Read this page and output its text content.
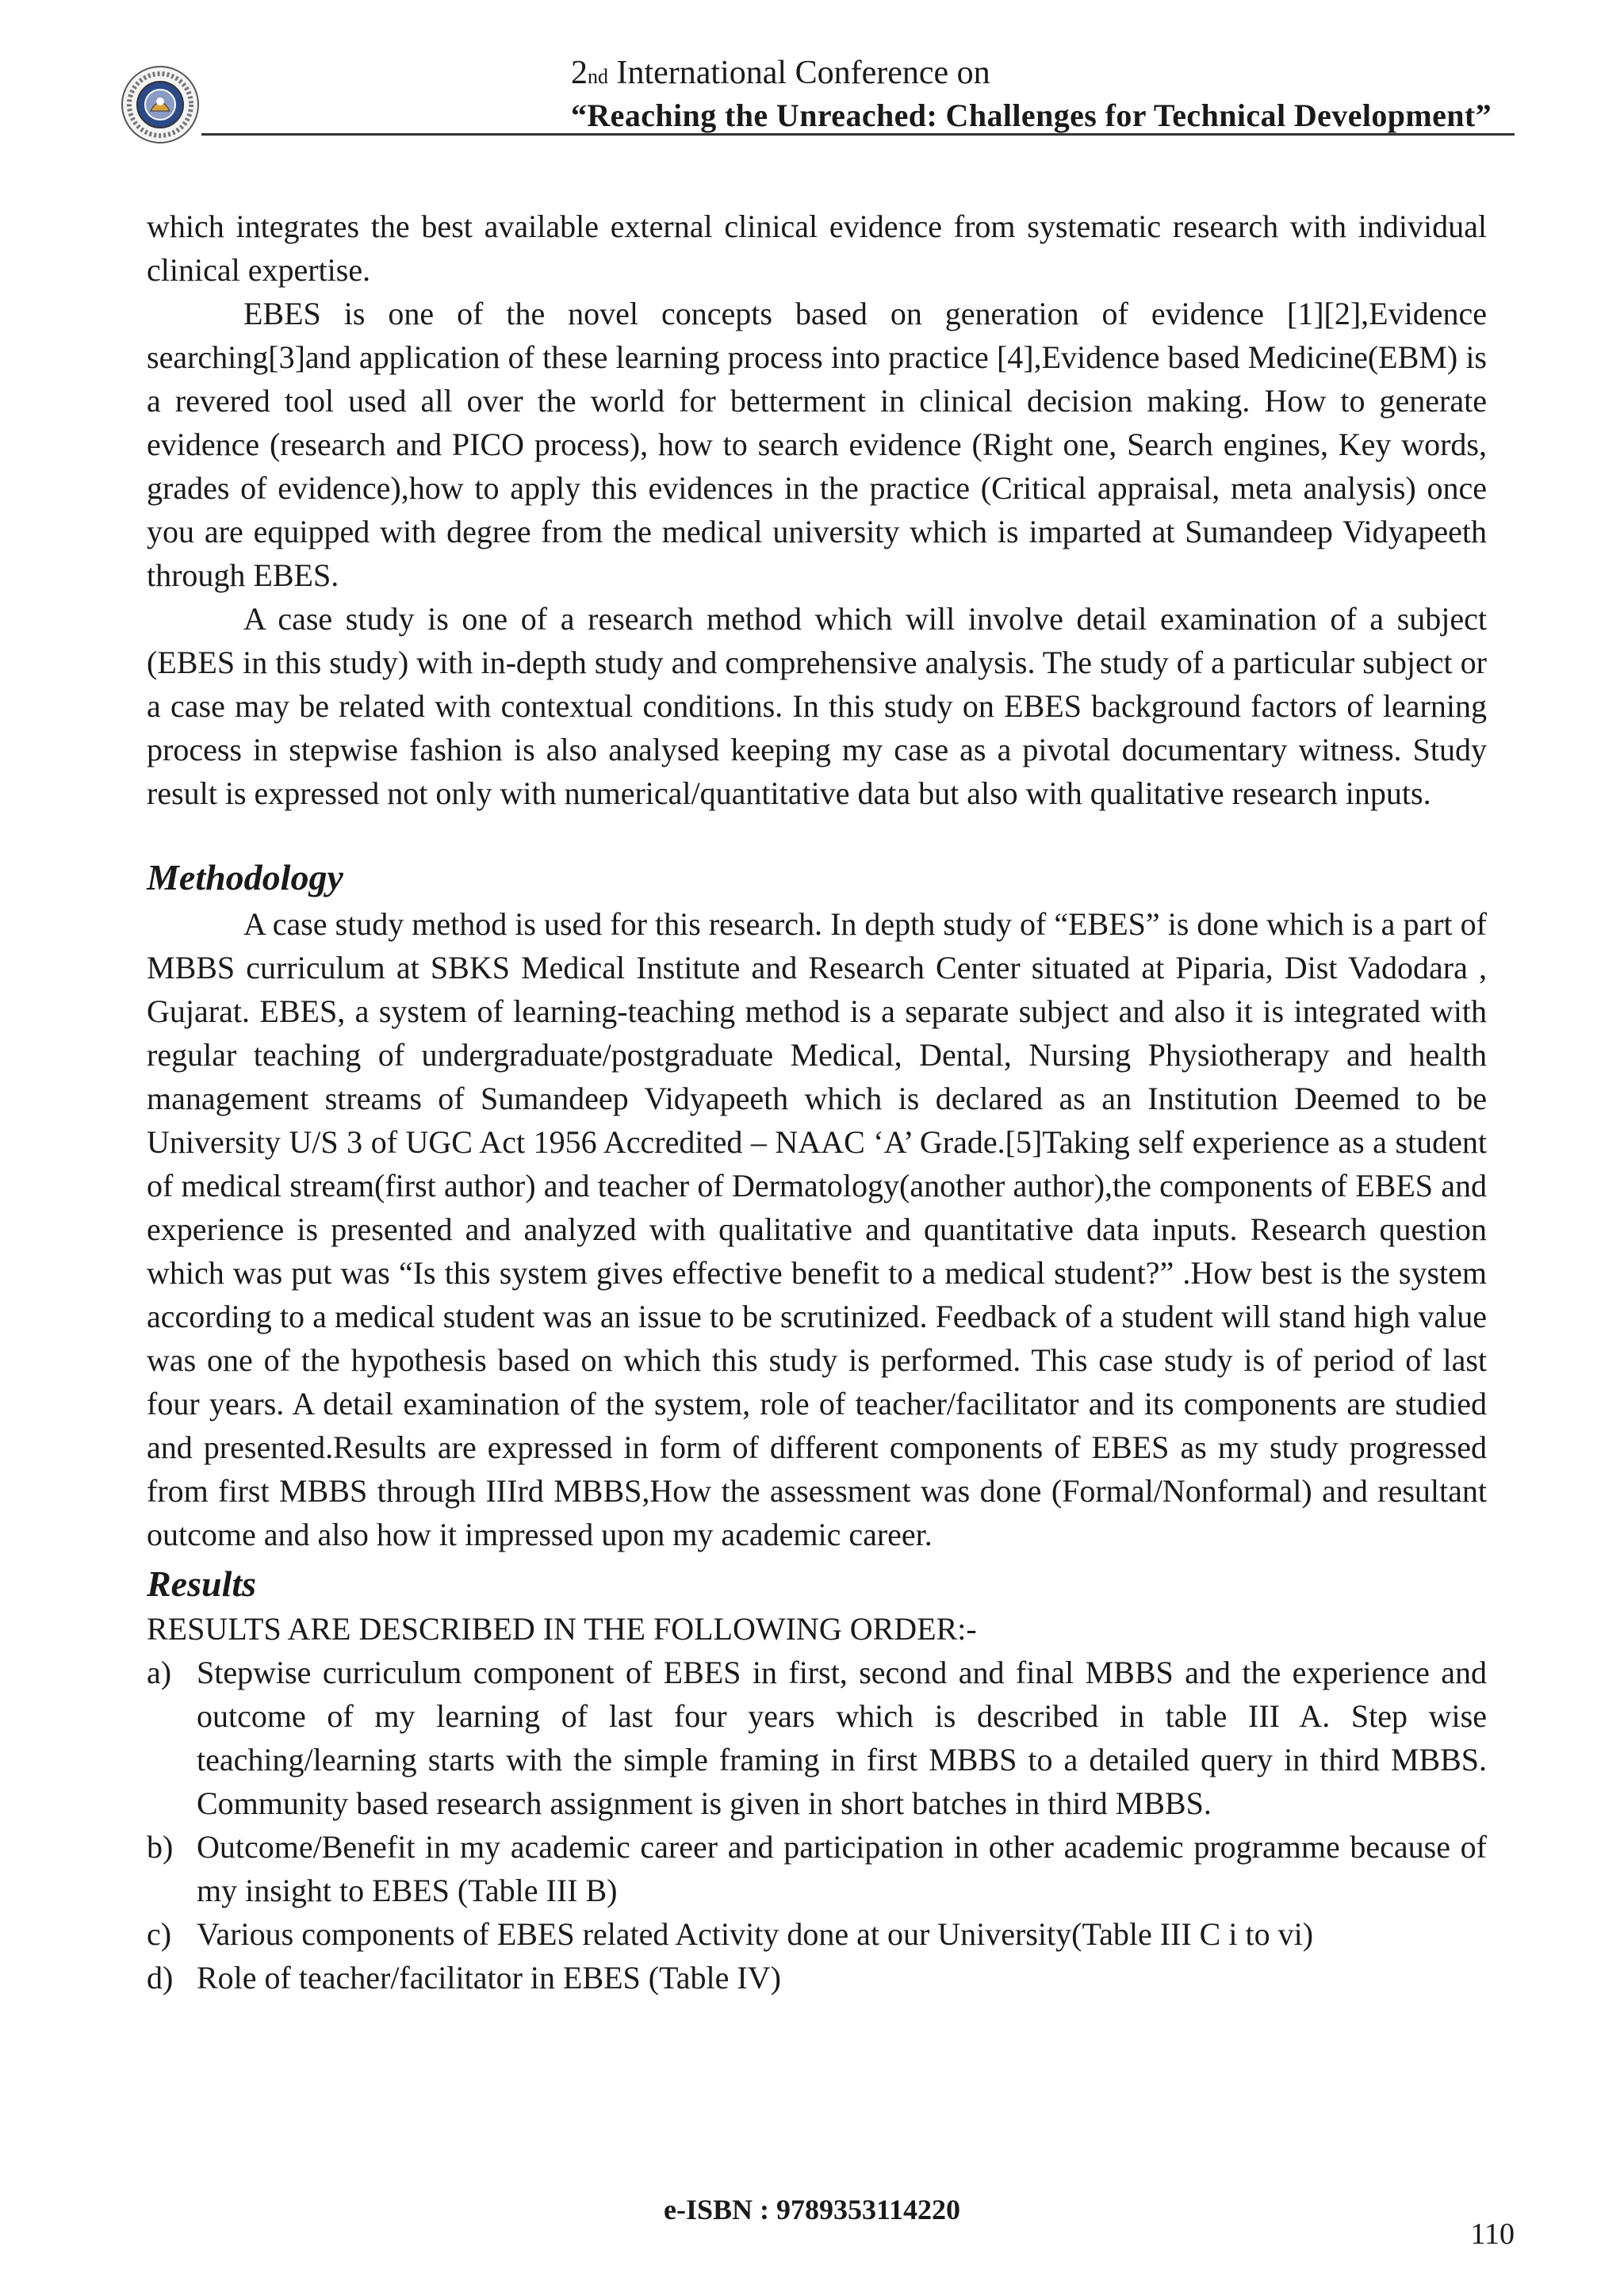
2nd International Conference on
“Reaching the Unreached: Challenges for Technical Development”

which integrates the best available external clinical evidence from systematic research with individual clinical expertise.

EBES is one of the novel concepts based on generation of evidence [1][2],Evidence searching[3]and application of these learning process into practice [4],Evidence based Medicine(EBM) is a revered tool used all over the world for betterment in clinical decision making. How to generate evidence (research and PICO process), how to search evidence (Right one, Search engines, Key words, grades of evidence),how to apply this evidences in the practice (Critical appraisal, meta analysis) once you are equipped with degree from the medical university which is imparted at Sumandeep Vidyapeeth through EBES.

A case study is one of a research method which will involve detail examination of a subject (EBES in this study) with in-depth study and comprehensive analysis. The study of a particular subject or a case may be related with contextual conditions. In this study on EBES background factors of learning process in stepwise fashion is also analysed keeping my case as a pivotal documentary witness. Study result is expressed not only with numerical/quantitative data but also with qualitative research inputs.

Methodology

A case study method is used for this research. In depth study of “EBES” is done which is a part of MBBS curriculum at SBKS Medical Institute and Research Center situated at Piparia, Dist Vadodara , Gujarat. EBES, a system of learning-teaching method is a separate subject and also it is integrated with regular teaching of undergraduate/postgraduate Medical, Dental, Nursing Physiotherapy and health management streams of Sumandeep Vidyapeeth which is declared as an Institution Deemed to be University U/S 3 of UGC Act 1956 Accredited – NAAC ‘A’ Grade.[5]Taking self experience as a student of medical stream(first author) and teacher of Dermatology(another author),the components of EBES and experience is presented and analyzed with qualitative and quantitative data inputs. Research question which was put was “Is this system gives effective benefit to a medical student?” .How best is the system according to a medical student was an issue to be scrutinized. Feedback of a student will stand high value was one of the hypothesis based on which this study is performed. This case study is of period of last four years. A detail examination of the system, role of teacher/facilitator and its components are studied and presented.Results are expressed in form of different components of EBES as my study progressed from first MBBS through IIIrd MBBS,How the assessment was done (Formal/Nonformal) and resultant outcome and also how it impressed upon my academic career.

Results

RESULTS ARE DESCRIBED IN THE FOLLOWING ORDER:-

a) Stepwise curriculum component of EBES in first, second and final MBBS and the experience and outcome of my learning of last four years which is described in table III A. Step wise teaching/learning starts with the simple framing in first MBBS to a detailed query in third MBBS. Community based research assignment is given in short batches in third MBBS.
b) Outcome/Benefit in my academic career and participation in other academic programme because of my insight to EBES (Table III B)
c) Various components of EBES related Activity done at our University(Table III C i to vi)
d) Role of teacher/facilitator in EBES (Table IV)
e-ISBN : 9789353114220
110
